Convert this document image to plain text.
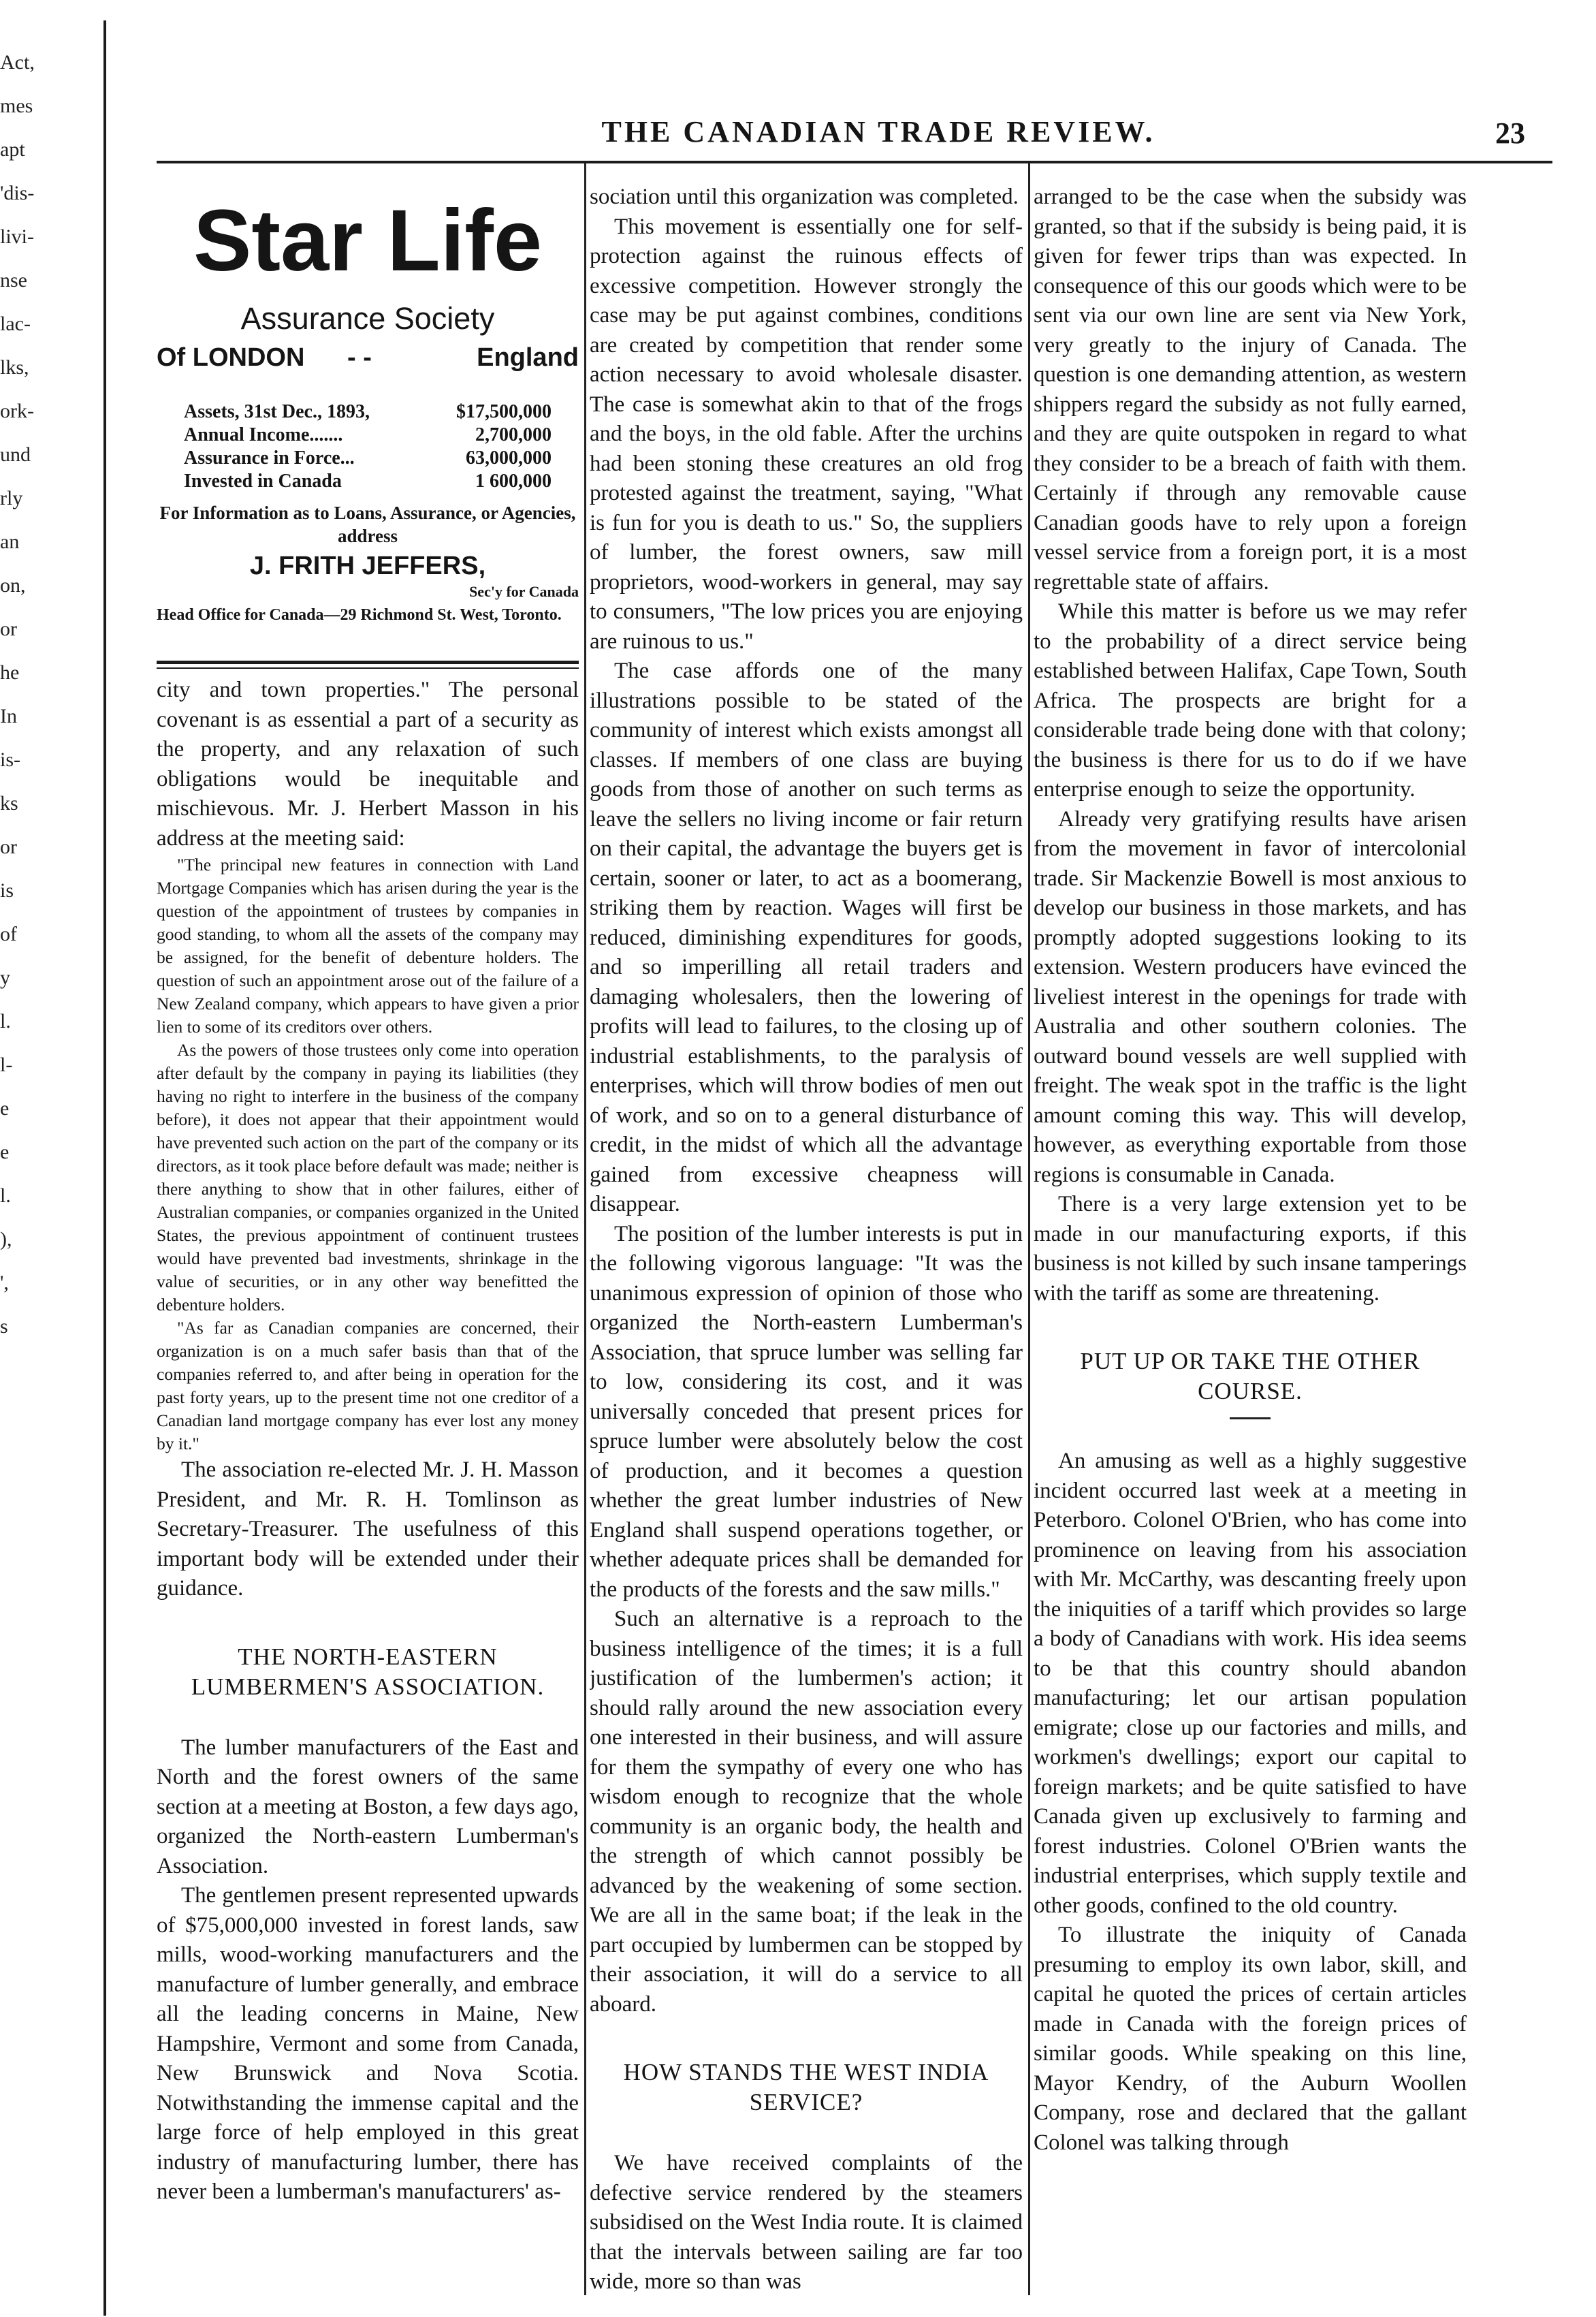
Act,
mes
apt
'dis-
livi-
nse
lac-
lks,
ork-
und
rly
an
on,
or
he
In
is-
ks
or
is
of
y
l.
l-
e
e
l.
),
',
s
THE CANADIAN TRADE REVIEW.	23
Star Life
Assurance Society
Of LONDON - -	England
Assets, 31st Dec., 1893,	$17,500,000
Annual Income.......	2,700,000
Assurance in Force...	63,000,000
Invested in Canada	1 600,000
For Information as to Loans, Assurance, or Agencies, address
J. FRITH JEFFERS,
Sec'y for Canada
Head Office for Canada—29 Richmond St. West, Toronto.

city and town properties." The personal covenant is as essential a part of a security as the property, and any relaxation of such obligations would be inequitable and mischievous. Mr. J. Herbert Masson in his address at the meeting said:

"The principal new features in connection with Land Mortgage Companies which has arisen during the year is the question of the appointment of trustees by companies in good standing, to whom all the assets of the company may be assigned, for the benefit of debenture holders. The question of such an appointment arose out of the failure of a New Zealand company, which appears to have given a prior lien to some of its creditors over others.

As the powers of those trustees only come into operation after default by the company in paying its liabilities (they having no right to interfere in the business of the company before), it does not appear that their appointment would have prevented such action on the part of the company or its directors, as it took place before default was made; neither is there anything to show that in other failures, either of Australian companies, or companies organized in the United States, the previous appointment of continuent trustees would have prevented bad investments, shrinkage in the value of securities, or in any other way benefitted the debenture holders.

"As far as Canadian companies are concerned, their organization is on a much safer basis than that of the companies referred to, and after being in operation for the past forty years, up to the present time not one creditor of a Canadian land mortgage company has ever lost any money by it."

The association re-elected Mr. J. H. Masson President, and Mr. R. H. Tomlinson as Secretary-Treasurer. The usefulness of this important body will be extended under their guidance.

THE NORTH-EASTERN LUMBERMEN'S ASSOCIATION.

The lumber manufacturers of the East and North and the forest owners of the same section at a meeting at Boston, a few days ago, organized the North-eastern Lumberman's Association.

The gentlemen present represented upwards of $75,000,000 invested in forest lands, saw mills, wood-working manufacturers and the manufacture of lumber generally, and embrace all the leading concerns in Maine, New Hampshire, Vermont and some from Canada, New Brunswick and Nova Scotia. Notwithstanding the immense capital and the large force of help employed in this great industry of manufacturing lumber, there has never been a lumberman's manufacturers' as-

sociation until this organization was completed.

This movement is essentially one for self-protection against the ruinous effects of excessive competition. However strongly the case may be put against combines, conditions are created by competition that render some action necessary to avoid wholesale disaster. The case is somewhat akin to that of the frogs and the boys, in the old fable. After the urchins had been stoning these creatures an old frog protested against the treatment, saying, "What is fun for you is death to us." So, the suppliers of lumber, the forest owners, saw mill proprietors, wood-workers in general, may say to consumers, "The low prices you are enjoying are ruinous to us."

The case affords one of the many illustrations possible to be stated of the community of interest which exists amongst all classes. If members of one class are buying goods from those of another on such terms as leave the sellers no living income or fair return on their capital, the advantage the buyers get is certain, sooner or later, to act as a boomerang, striking them by reaction. Wages will first be reduced, diminishing expenditures for goods, and so imperilling all retail traders and damaging wholesalers, then the lowering of profits will lead to failures, to the closing up of industrial establishments, to the paralysis of enterprises, which will throw bodies of men out of work, and so on to a general disturbance of credit, in the midst of which all the advantage gained from excessive cheapness will disappear.

The position of the lumber interests is put in the following vigorous language: "It was the unanimous expression of opinion of those who organized the North-eastern Lumberman's Association, that spruce lumber was selling far to low, considering its cost, and it was universally conceded that present prices for spruce lumber were absolutely below the cost of production, and it becomes a question whether the great lumber industries of New England shall suspend operations together, or whether adequate prices shall be demanded for the products of the forests and the saw mills."

Such an alternative is a reproach to the business intelligence of the times; it is a full justification of the lumbermen's action; it should rally around the new association every one interested in their business, and will assure for them the sympathy of every one who has wisdom enough to recognize that the whole community is an organic body, the health and the strength of which cannot possibly be advanced by the weakening of some section. We are all in the same boat; if the leak in the part occupied by lumbermen can be stopped by their association, it will do a service to all aboard.

HOW STANDS THE WEST INDIA SERVICE?

We have received complaints of the defective service rendered by the steamers subsidised on the West India route. It is claimed that the intervals between sailing are far too wide, more so than was

arranged to be the case when the subsidy was granted, so that if the subsidy is being paid, it is given for fewer trips than was expected. In consequence of this our goods which were to be sent via our own line are sent via New York, very greatly to the injury of Canada. The question is one demanding attention, as western shippers regard the subsidy as not fully earned, and they are quite outspoken in regard to what they consider to be a breach of faith with them. Certainly if through any removable cause Canadian goods have to rely upon a foreign vessel service from a foreign port, it is a most regrettable state of affairs.

While this matter is before us we may refer to the probability of a direct service being established between Halifax, Cape Town, South Africa. The prospects are bright for a considerable trade being done with that colony; the business is there for us to do if we have enterprise enough to seize the opportunity.

Already very gratifying results have arisen from the movement in favor of intercolonial trade. Sir Mackenzie Bowell is most anxious to develop our business in those markets, and has promptly adopted suggestions looking to its extension. Western producers have evinced the liveliest interest in the openings for trade with Australia and other southern colonies. The outward bound vessels are well supplied with freight. The weak spot in the traffic is the light amount coming this way. This will develop, however, as everything exportable from those regions is consumable in Canada.

There is a very large extension yet to be made in our manufacturing exports, if this business is not killed by such insane tamperings with the tariff as some are threatening.

PUT UP OR TAKE THE OTHER COURSE.

An amusing as well as a highly suggestive incident occurred last week at a meeting in Peterboro. Colonel O'Brien, who has come into prominence on leaving from his association with Mr. McCarthy, was descanting freely upon the iniquities of a tariff which provides so large a body of Canadians with work. His idea seems to be that this country should abandon manufacturing; let our artisan population emigrate; close up our factories and mills, and workmen's dwellings; export our capital to foreign markets; and be quite satisfied to have Canada given up exclusively to farming and forest industries. Colonel O'Brien wants the industrial enterprises, which supply textile and other goods, confined to the old country.

To illustrate the iniquity of Canada presuming to employ its own labor, skill, and capital he quoted the prices of certain articles made in Canada with the foreign prices of similar goods. While speaking on this line, Mayor Kendry, of the Auburn Woollen Company, rose and declared that the gallant Colonel was talking through
